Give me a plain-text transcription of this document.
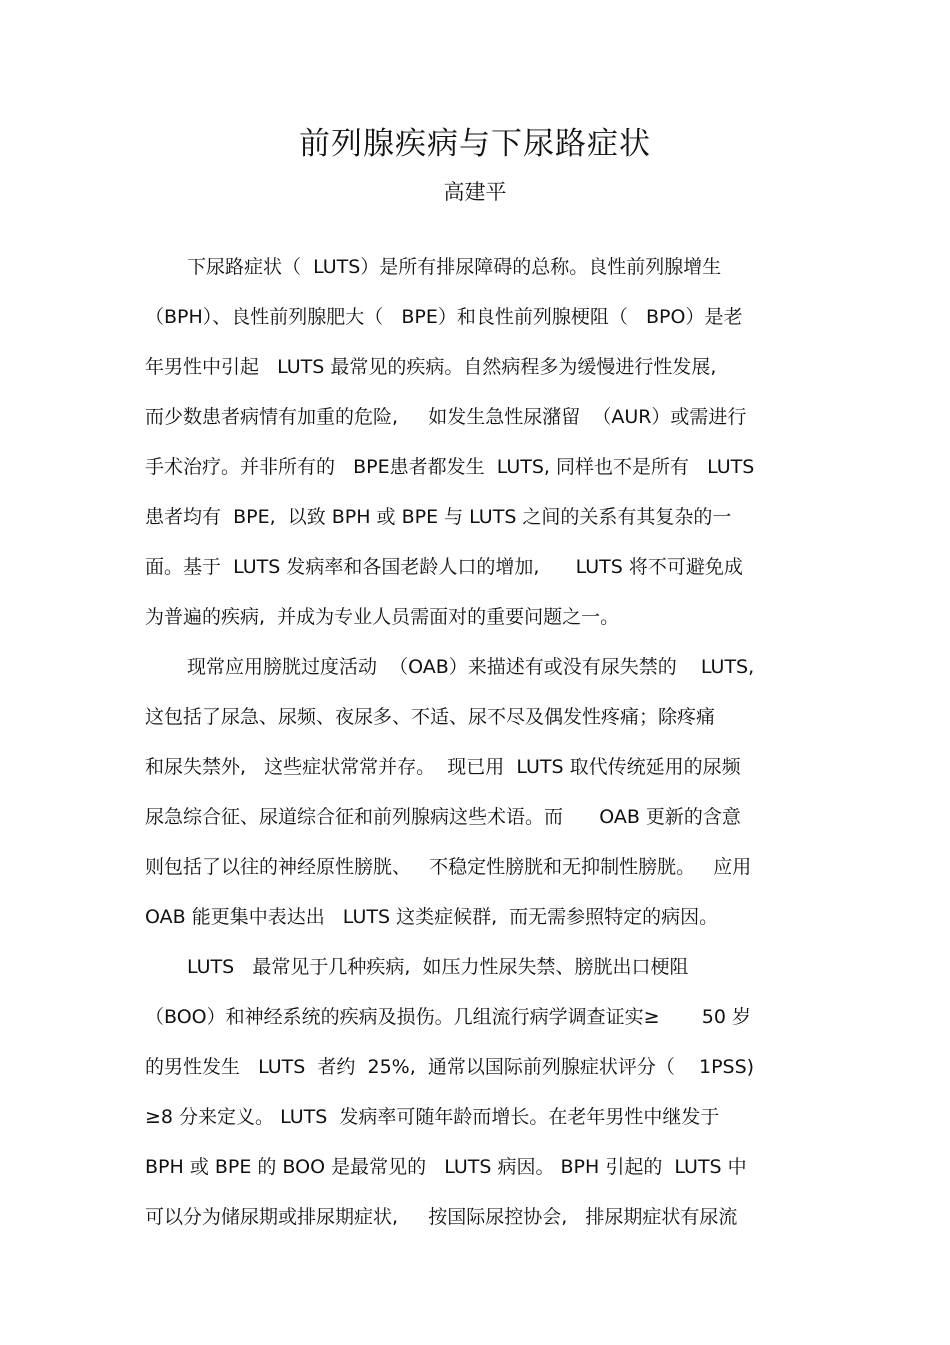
前列腺疾病与下尿路症状
高建平
下尿路症状（  LUTS）是所有排尿障碍的总称。良性前列腺增生
（BPH）、良性前列腺肥大（   BPE）和良性前列腺梗阻（   BPO）是老
年男性中引起   LUTS 最常见的疾病。自然病程多为缓慢进行性发展,
而少数患者病情有加重的危险,     如发生急性尿潴留  （AUR）或需进行
手术治疗。并非所有的   BPE患者都发生  LUTS, 同样也不是所有   LUTS
患者均有  BPE,  以致 BPH 或 BPE 与 LUTS 之间的关系有其复杂的一
面。基于  LUTS 发病率和各国老龄人口的增加,      LUTS 将不可避免成
为普遍的疾病,  并成为专业人员需面对的重要问题之一。
现常应用膀胱过度活动  （OAB）来描述有或没有尿失禁的    LUTS,
这包括了尿急、尿频、夜尿多、不适、尿不尽及偶发性疼痛；除疼痛
和尿失禁外,   这些症状常常并存。  现已用  LUTS 取代传统延用的尿频
尿急综合征、尿道综合征和前列腺病这些术语。而      OAB 更新的含意
则包括了以往的神经原性膀胱、   不稳定性膀胱和无抑制性膀胱。   应用
OAB 能更集中表达出   LUTS 这类症候群,  而无需参照特定的病因。
LUTS   最常见于几种疾病,  如压力性尿失禁、膀胱出口梗阻
（BOO）和神经系统的疾病及损伤。几组流行病学调查证实≥       50 岁
的男性发生   LUTS  者约  25%,  通常以国际前列腺症状评分（    1PSS)
≥8 分来定义。 LUTS  发病率可随年龄而增长。在老年男性中继发于
BPH 或 BPE 的 BOO 是最常见的   LUTS 病因。 BPH 引起的  LUTS 中
可以分为储尿期或排尿期症状,     按国际尿控协会,   排尿期症状有尿流
